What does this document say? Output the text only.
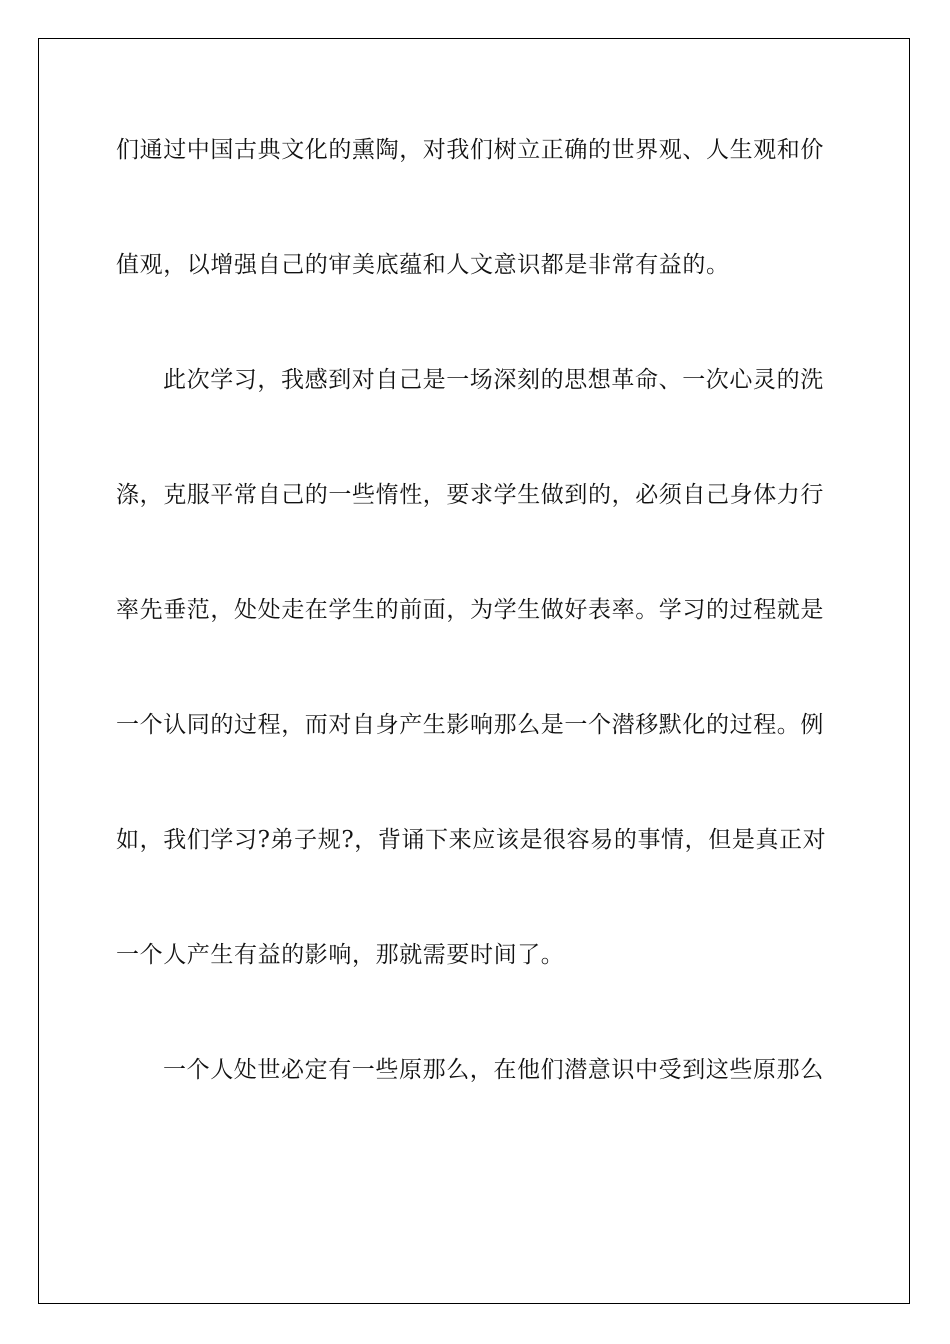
们通过中国古典文化的熏陶，对我们树立正确的世界观、人生观和价
值观，以增强自己的审美底蕴和人文意识都是非常有益的。
此次学习，我感到对自己是一场深刻的思想革命、一次心灵的洗
涤，克服平常自己的一些惰性，要求学生做到的，必须自己身体力行
率先垂范，处处走在学生的前面，为学生做好表率。学习的过程就是
一个认同的过程，而对自身产生影响那么是一个潜移默化的过程。例
如，我们学习?弟子规?，背诵下来应该是很容易的事情，但是真正对
一个人产生有益的影响，那就需要时间了。
一个人处世必定有一些原那么，在他们潜意识中受到这些原那么
